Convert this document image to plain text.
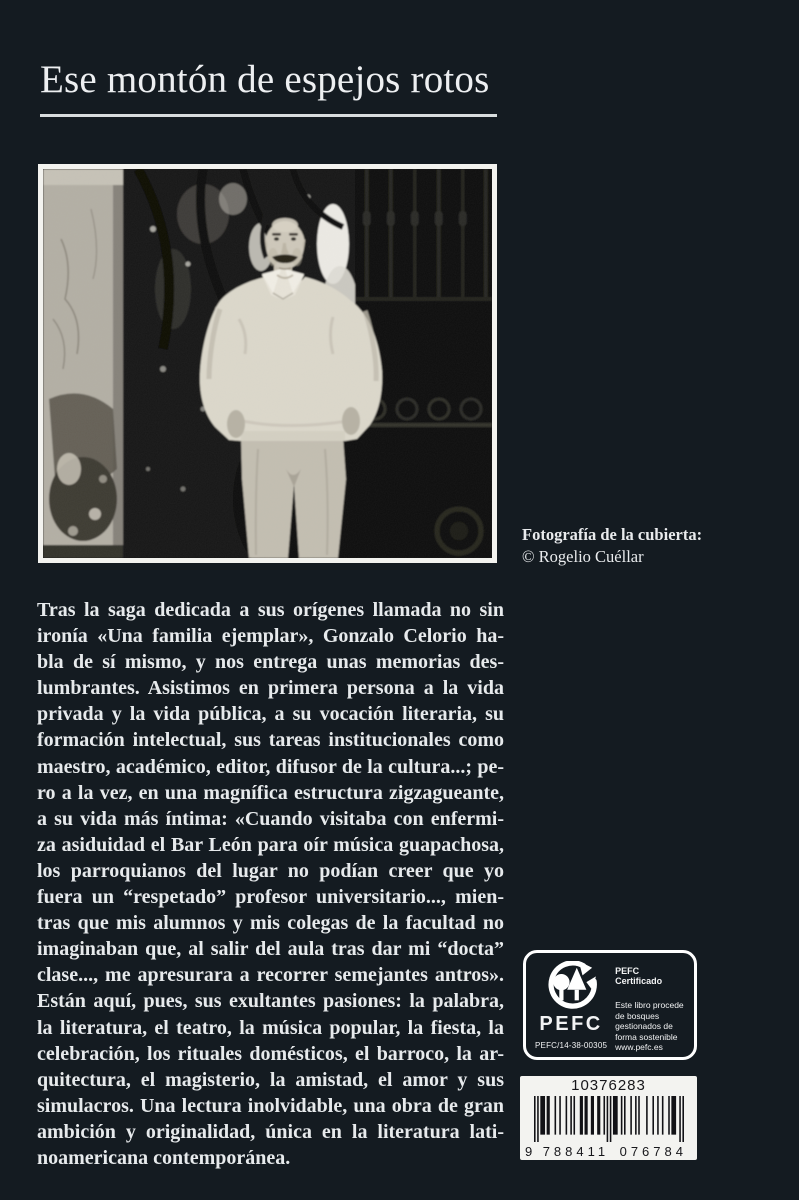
Ese montón de espejos rotos
Fotografía de la cubierta:
© Rogelio Cuéllar
Tras la saga dedicada a sus orígenes llamada no sin
ironía «Una familia ejemplar», Gonzalo Celorio ha-
bla de sí mismo, y nos entrega unas memorias des-
lumbrantes. Asistimos en primera persona a la vida
privada y la vida pública, a su vocación literaria, su
formación intelectual, sus tareas institucionales como
maestro, académico, editor, difusor de la cultura...; pe-
ro a la vez, en una magnífica estructura zigzagueante,
a su vida más íntima: «Cuando visitaba con enfermi-
za asiduidad el Bar León para oír música guapachosa,
los parroquianos del lugar no podían creer que yo
fuera un “respetado” profesor universitario..., mien-
tras que mis alumnos y mis colegas de la facultad no
imaginaban que, al salir del aula tras dar mi “docta”
clase..., me apresurara a recorrer semejantes antros».
Están aquí, pues, sus exultantes pasiones: la palabra,
la literatura, el teatro, la música popular, la fiesta, la
celebración, los rituales domésticos, el barroco, la ar-
quitectura, el magisterio, la amistad, el amor y sus
simulacros. Una lectura inolvidable, una obra de gran
ambición y originalidad, única en la literatura lati-
noamericana contemporánea.
PEFC
PEFC/14-38-00305
PEFC Certificado
Este libro procede de bosques gestionados de forma sostenible
www.pefc.es
10376283
9 788411 076784
